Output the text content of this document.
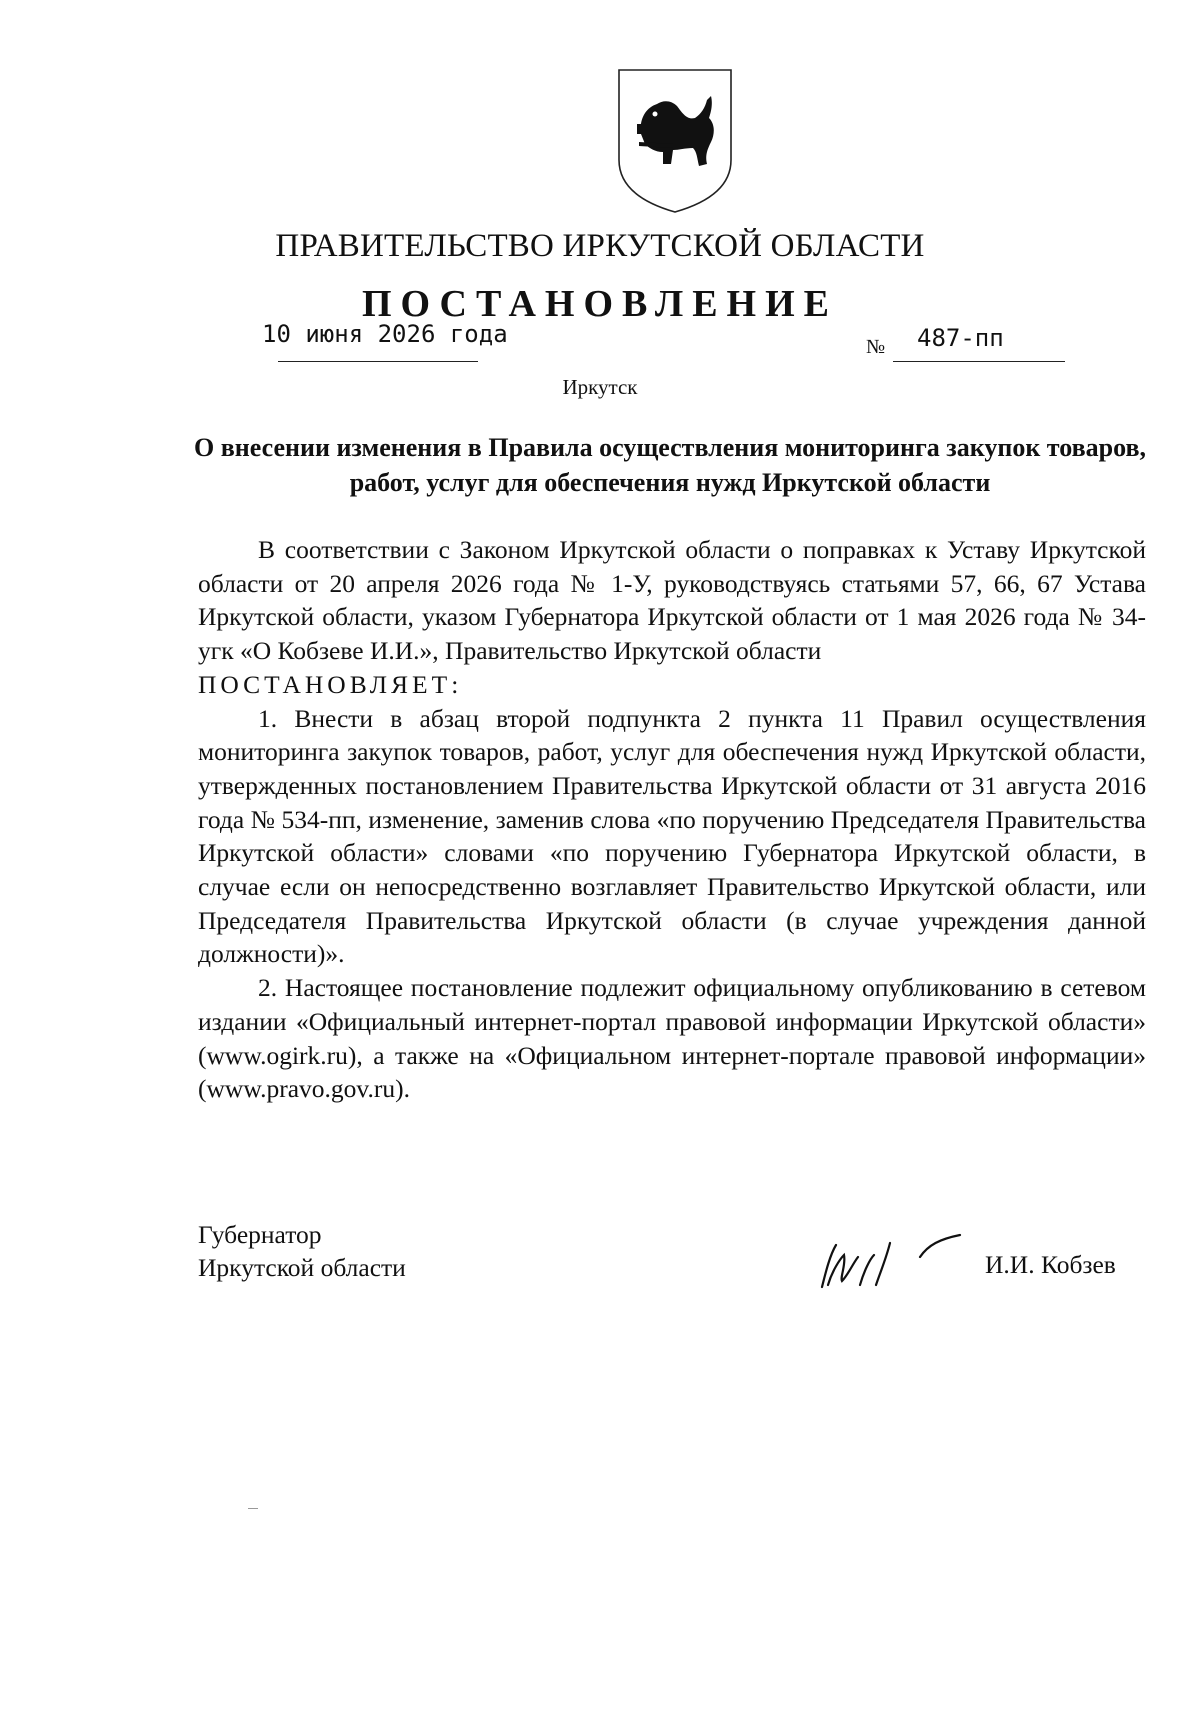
ПРАВИТЕЛЬСТВО ИРКУТСКОЙ ОБЛАСТИ
ПОСТАНОВЛЕНИЕ
10 июня 2026 года	№ 487-пп
Иркутск
О внесении изменения в Правила осуществления мониторинга закупок товаров, работ, услуг для обеспечения нужд Иркутской области

В соответствии с Законом Иркутской области о поправках к Уставу Иркутской области от 20 апреля 2026 года № 1-У, руководствуясь статьями 57, 66, 67 Устава Иркутской области, указом Губернатора Иркутской области от 1 мая 2026 года № 34-угк «О Кобзеве И.И.», Правительство Иркутской области

ПОСТАНОВЛЯЕТ:

1. Внести в абзац второй подпункта 2 пункта 11 Правил осуществления мониторинга закупок товаров, работ, услуг для обеспечения нужд Иркутской области, утвержденных постановлением Правительства Иркутской области от 31 августа 2016 года № 534-пп, изменение, заменив слова «по поручению Председателя Правительства Иркутской области» словами «по поручению Губернатора Иркутской области, в случае если он непосредственно возглавляет Правительство Иркутской области, или Председателя Правительства Иркутской области (в случае учреждения данной должности)».

2. Настоящее постановление подлежит официальному опубликованию в сетевом издании «Официальный интернет-портал правовой информации Иркутской области» (www.ogirk.ru), а также на «Официальном интернет-портале правовой информации» (www.pravo.gov.ru).

Губернатор
Иркутской области	И.И. Кобзев
